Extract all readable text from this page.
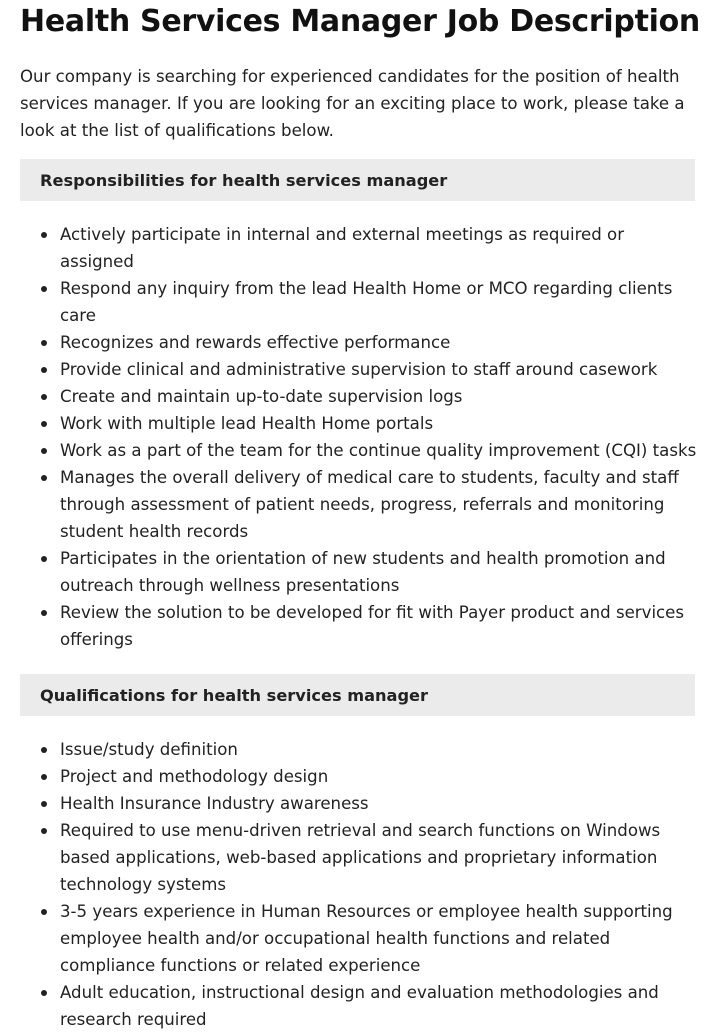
Health Services Manager Job Description

Our company is searching for experienced candidates for the position of health services manager. If you are looking for an exciting place to work, please take a look at the list of qualifications below.

Responsibilities for health services manager
Actively participate in internal and external meetings as required or assigned
Respond any inquiry from the lead Health Home or MCO regarding clients care
Recognizes and rewards effective performance
Provide clinical and administrative supervision to staff around casework
Create and maintain up-to-date supervision logs
Work with multiple lead Health Home portals
Work as a part of the team for the continue quality improvement (CQI) tasks
Manages the overall delivery of medical care to students, faculty and staff through assessment of patient needs, progress, referrals and monitoring student health records
Participates in the orientation of new students and health promotion and outreach through wellness presentations
Review the solution to be developed for fit with Payer product and services offerings
Qualifications for health services manager
Issue/study definition
Project and methodology design
Health Insurance Industry awareness
Required to use menu-driven retrieval and search functions on Windows based applications, web-based applications and proprietary information technology systems
3-5 years experience in Human Resources or employee health supporting employee health and/or occupational health functions and related compliance functions or related experience
Adult education, instructional design and evaluation methodologies and research required
